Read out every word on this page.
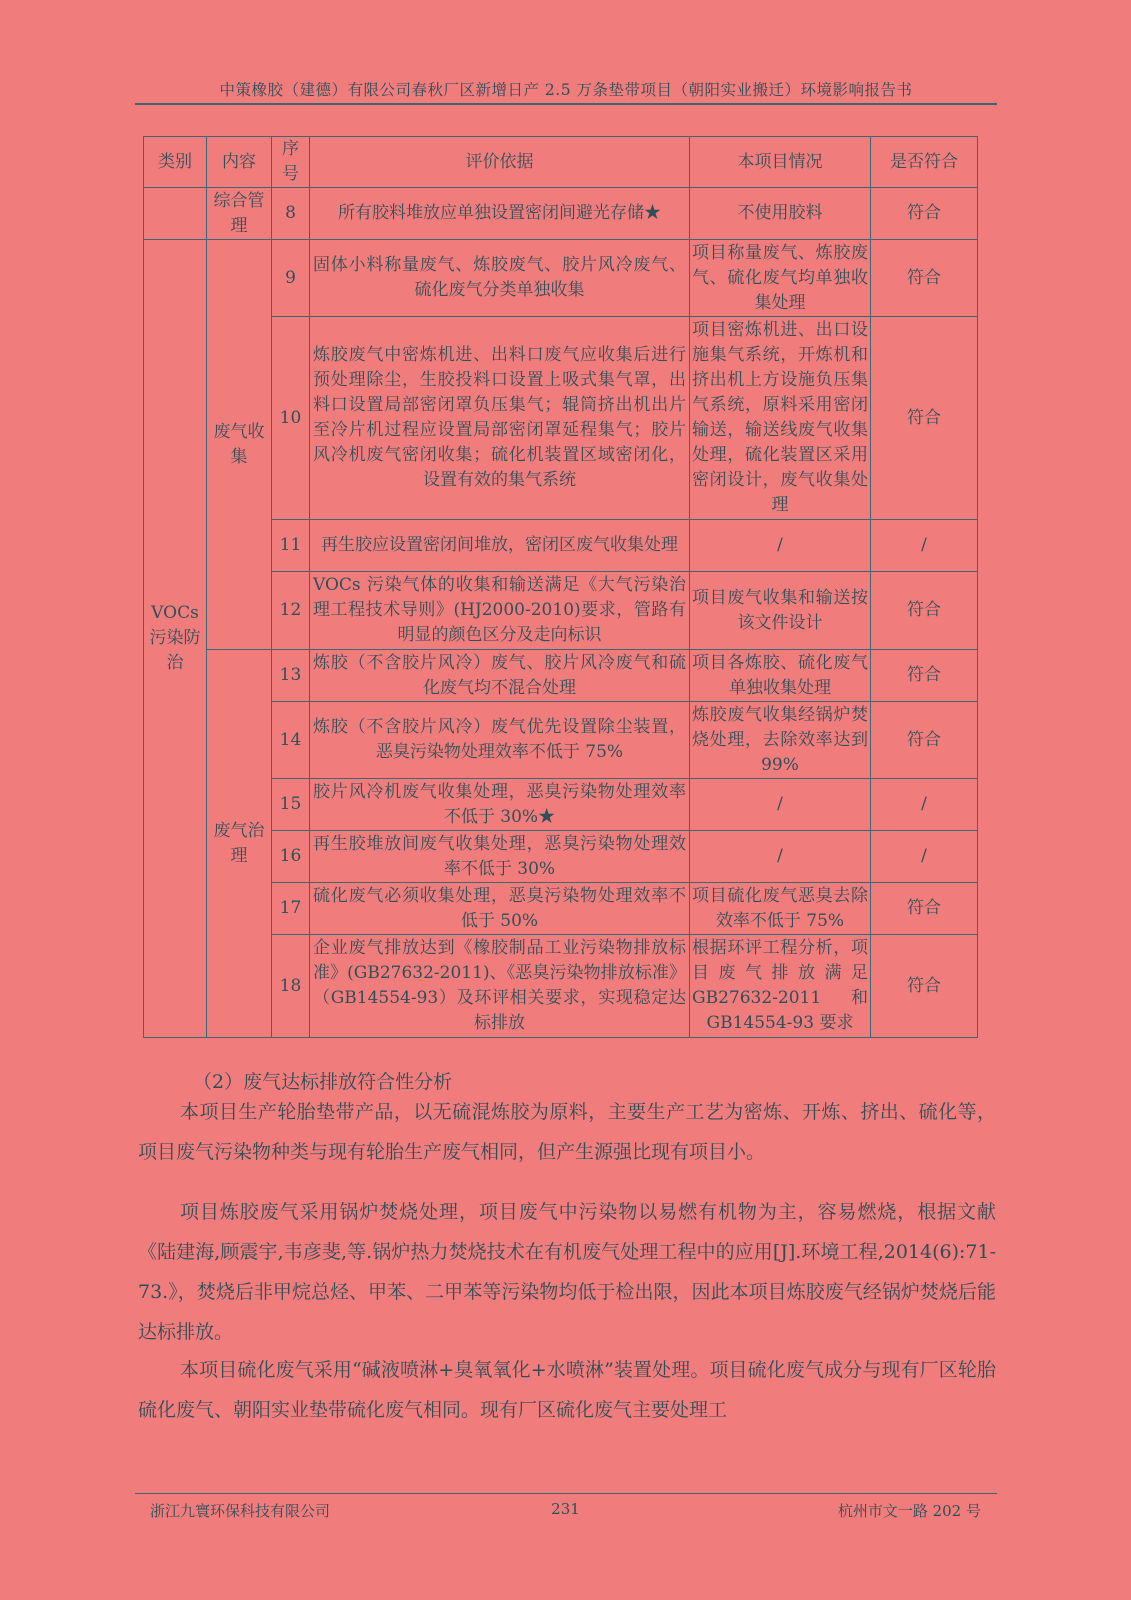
中策橡胶（建德）有限公司春秋厂区新增日产 2.5 万条垫带项目（朝阳实业搬迁）环境影响报告书
类别	内容	序号	评价依据	本项目情况	是否符合
	综合管理	8	所有胶料堆放应单独设置密闭间避光存储★	不使用胶料	符合
VOCs污染防治	废气收集	9	固体小料称量废气、炼胶废气、胶片风冷废气、硫化废气分类单独收集	项目称量废气、炼胶废气、硫化废气均单独收集处理	符合
		10	炼胶废气中密炼机进、出料口废气应收集后进行预处理除尘，生胶投料口设置上吸式集气罩，出料口设置局部密闭罩负压集气；辊筒挤出机出片至冷片机过程应设置局部密闭罩延程集气；胶片风冷机废气密闭收集；硫化机装置区域密闭化，设置有效的集气系统	项目密炼机进、出口设施集气系统，开炼机和挤出机上方设施负压集气系统，原料采用密闭输送，输送线废气收集处理，硫化装置区采用密闭设计，废气收集处理	符合
		11	再生胶应设置密闭间堆放，密闭区废气收集处理	/	/
		12	VOCs 污染气体的收集和输送满足《大气污染治理工程技术导则》(HJ2000-2010)要求，管路有明显的颜色区分及走向标识	项目废气收集和输送按该文件设计	符合
	废气治理	13	炼胶（不含胶片风冷）废气、胶片风冷废气和硫化废气均不混合处理	项目各炼胶、硫化废气单独收集处理	符合
		14	炼胶（不含胶片风冷）废气优先设置除尘装置，恶臭污染物处理效率不低于 75%	炼胶废气收集经锅炉焚烧处理，去除效率达到 99%	符合
		15	胶片风冷机废气收集处理，恶臭污染物处理效率不低于 30%★	/	/
		16	再生胶堆放间废气收集处理，恶臭污染物处理效率不低于 30%	/	/
		17	硫化废气必须收集处理，恶臭污染物处理效率不低于 50%	项目硫化废气恶臭去除效率不低于 75%	符合
		18	企业废气排放达到《橡胶制品工业污染物排放标准》(GB27632-2011)、《恶臭污染物排放标准》（GB14554-93）及环评相关要求，实现稳定达标排放	根据环评工程分析，项目废气排放满足 GB27632-2011 和 GB14554-93 要求	符合
（2）废气达标排放符合性分析

本项目生产轮胎垫带产品，以无硫混炼胶为原料，主要生产工艺为密炼、开炼、挤出、硫化等，项目废气污染物种类与现有轮胎生产废气相同，但产生源强比现有项目小。

项目炼胶废气采用锅炉焚烧处理，项目废气中污染物以易燃有机物为主，容易燃烧，根据文献《陆建海,顾震宇,韦彦斐,等.锅炉热力焚烧技术在有机废气处理工程中的应用[J].环境工程,2014(6):71-73.》，焚烧后非甲烷总烃、甲苯、二甲苯等污染物均低于检出限，因此本项目炼胶废气经锅炉焚烧后能达标排放。

本项目硫化废气采用“碱液喷淋+臭氧氧化+水喷淋”装置处理。项目硫化废气成分与现有厂区轮胎硫化废气、朝阳实业垫带硫化废气相同。现有厂区硫化废气主要处理工

浙江九寰环保科技有限公司	231	杭州市文一路 202 号
